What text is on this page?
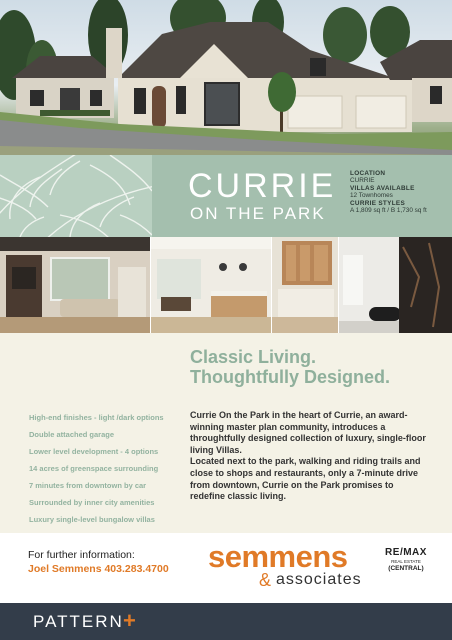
CURRIE
ON THE PARK
LOCATION
CURRIE
VILLAS AVAILABLE
12 Townhomes
CURRIE STYLES
A 1,809 sq ft / B 1,730 sq ft
Classic Living.
Thoughtfully Designed.
High-end finishes - light /dark options
Double attached garage
Lower level development - 4 options
14 acres of greenspace surrounding
7 minutes from downtown by car
Surrounded by inner city amenities
Luxury single-level bungalow villas
Currie On the Park in the heart of Currie, an award-winning master plan community, introduces a throughtfully designed collection of luxury, single-floor living Villas.
Located next to the park, walking and riding trails and close to shops and restaurants, only a 7-minute drive from downtown, Currie on the Park promises to redefine classic living.
For further information:
Joel Semmens 403.283.4700 semmens
& associates
RE/MAX
REAL ESTATE
(CENTRAL)
PATTERN +
